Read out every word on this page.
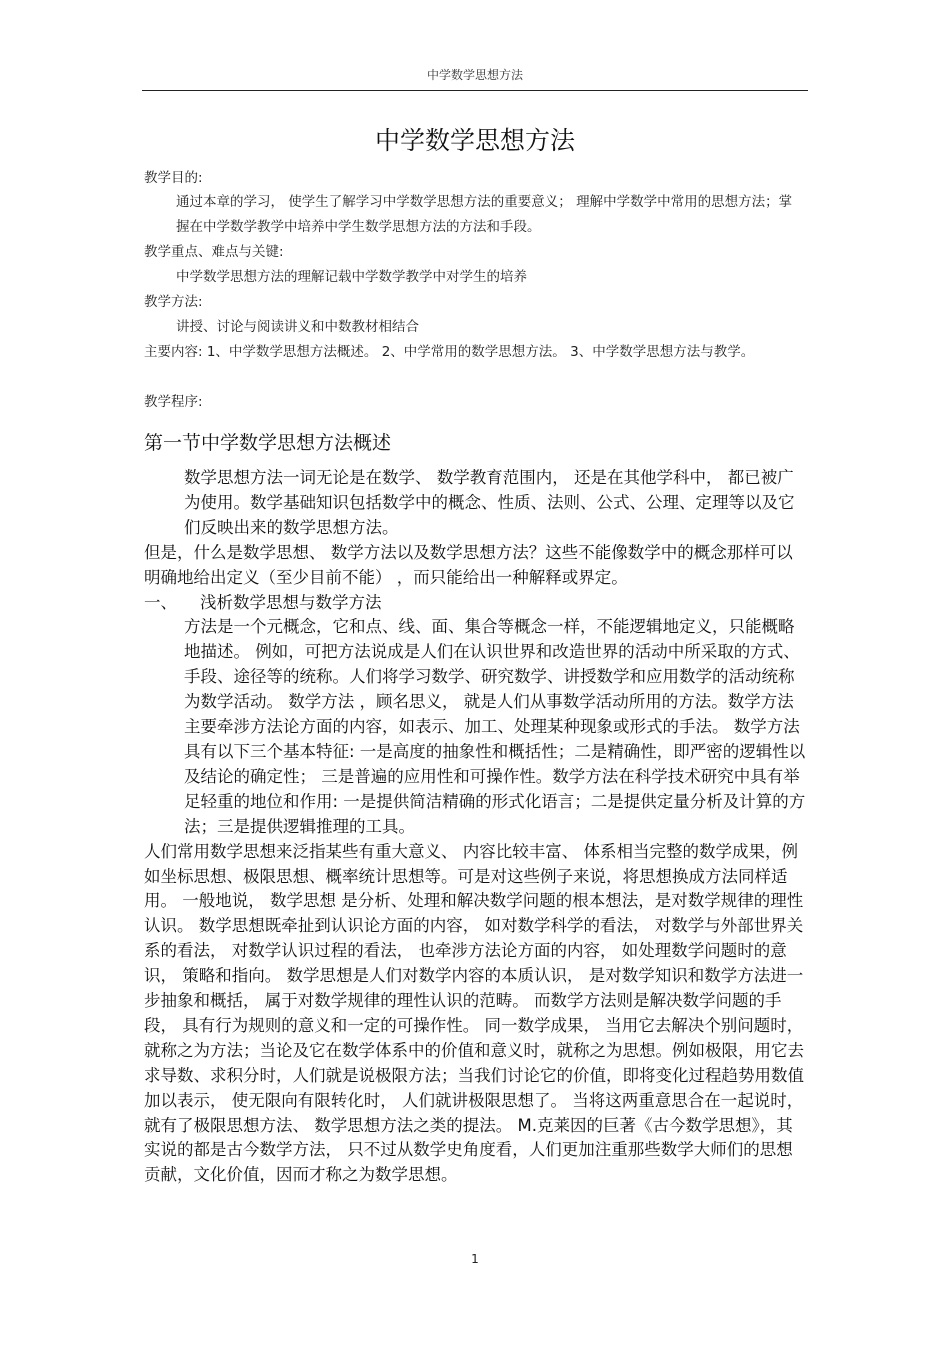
中学数学思想方法
中学数学思想方法
教学目的:
通过本章的学习， 使学生了解学习中学数学思想方法的重要意义； 理解中学数学中常用的思想方法；掌握在中学数学教学中培养中学生数学思想方法的方法和手段。
教学重点、难点与关键:
中学数学思想方法的理解记载中学数学教学中对学生的培养
教学方法:
讲授、讨论与阅读讲义和中数教材相结合
主要内容: 1、中学数学思想方法概述。 2、中学常用的数学思想方法。 3、中学数学思想方法与教学。
教学程序:
第一节中学数学思想方法概述

数学思想方法一词无论是在数学、 数学教育范围内， 还是在其他学科中， 都已被广为使用。数学基础知识包括数学中的概念、性质、法则、公式、公理、定理等以及它们反映出来的数学思想方法。

但是，什么是数学思想、 数学方法以及数学思想方法？这些不能像数学中的概念那样可以明确地给出定义（至少目前不能） ，而只能给出一种解释或界定。

一、	浅析数学思想与数学方法

方法是一个元概念，它和点、线、面、集合等概念一样，不能逻辑地定义，只能概略地描述。 例如，可把方法说成是人们在认识世界和改造世界的活动中所采取的方式、手段、途径等的统称。人们将学习数学、研究数学、讲授数学和应用数学的活动统称为数学活动。 数学方法 ，顾名思义， 就是人们从事数学活动所用的方法。数学方法主要牵涉方法论方面的内容，如表示、加工、处理某种现象或形式的手法。 数学方法具有以下三个基本特征: 一是高度的抽象性和概括性；二是精确性，即严密的逻辑性以及结论的确定性； 三是普遍的应用性和可操作性。数学方法在科学技术研究中具有举足轻重的地位和作用: 一是提供简洁精确的形式化语言；二是提供定量分析及计算的方法；三是提供逻辑推理的工具。

人们常用数学思想来泛指某些有重大意义、 内容比较丰富、 体系相当完整的数学成果，例如坐标思想、极限思想、概率统计思想等。可是对这些例子来说，将思想换成方法同样适用。 一般地说， 数学思想 是分析、处理和解决数学问题的根本想法，是对数学规律的理性认识。 数学思想既牵扯到认识论方面的内容， 如对数学科学的看法， 对数学与外部世界关系的看法， 对数学认识过程的看法， 也牵涉方法论方面的内容， 如处理数学问题时的意识， 策略和指向。 数学思想是人们对数学内容的本质认识， 是对数学知识和数学方法进一步抽象和概括， 属于对数学规律的理性认识的范畴。 而数学方法则是解决数学问题的手段， 具有行为规则的意义和一定的可操作性。 同一数学成果， 当用它去解决个别问题时， 就称之为方法；当论及它在数学体系中的价值和意义时，就称之为思想。例如极限，用它去求导数、求积分时，人们就是说极限方法；当我们讨论它的价值，即将变化过程趋势用数值加以表示， 使无限向有限转化时， 人们就讲极限思想了。 当将这两重意思合在一起说时， 就有了极限思想方法、 数学思想方法之类的提法。 M.克莱因的巨著《古今数学思想》，其实说的都是古今数学方法， 只不过从数学史角度看，人们更加注重那些数学大师们的思想贡献，文化价值，因而才称之为数学思想。

1
